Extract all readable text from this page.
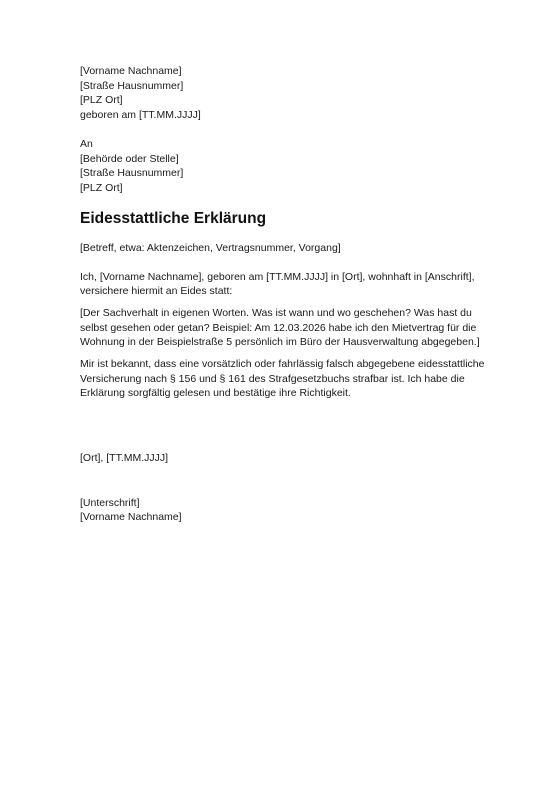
[Vorname Nachname]
[Straße Hausnummer]
[PLZ Ort]
geboren am [TT.MM.JJJJ]
An
[Behörde oder Stelle]
[Straße Hausnummer]
[PLZ Ort]
Eidesstattliche Erklärung
[Betreff, etwa: Aktenzeichen, Vertragsnummer, Vorgang]

Ich, [Vorname Nachname], geboren am [TT.MM.JJJJ] in [Ort], wohnhaft in [Anschrift], versichere hiermit an Eides statt:

[Der Sachverhalt in eigenen Worten. Was ist wann und wo geschehen? Was hast du selbst gesehen oder getan? Beispiel: Am 12.03.2026 habe ich den Mietvertrag für die Wohnung in der Beispielstraße 5 persönlich im Büro der Hausverwaltung abgegeben.]

Mir ist bekannt, dass eine vorsätzlich oder fahrlässig falsch abgegebene eidesstattliche Versicherung nach § 156 und § 161 des Strafgesetzbuchs strafbar ist. Ich habe die Erklärung sorgfältig gelesen und bestätige ihre Richtigkeit.

[Ort], [TT.MM.JJJJ]
[Unterschrift]
[Vorname Nachname]
